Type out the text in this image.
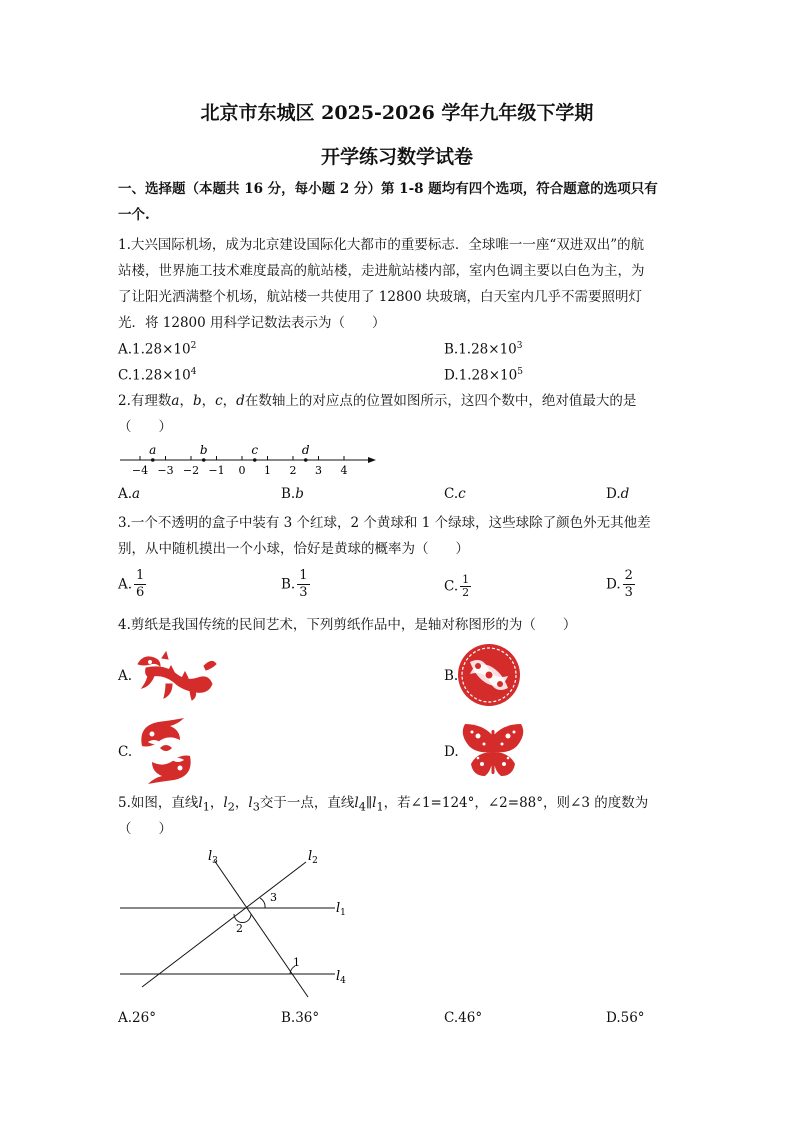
北京市东城区 2025-2026 学年九年级下学期
开学练习数学试卷
一、选择题（本题共 16 分，每小题 2 分）第 1-8 题均有四个选项，符合题意的选项只有
一个.
1.大兴国际机场，成为北京建设国际化大都市的重要标志．全球唯一一座“双进双出”的航
站楼，世界施工技术难度最高的航站楼，走进航站楼内部，室内色调主要以白色为主，为
了让阳光洒满整个机场，航站楼一共使用了 12800 块玻璃，白天室内几乎不需要照明灯
光．将 12800 用科学记数法表示为（　　）
$A.1.28\times 10^2$	$B.1.28\times 10^3$
$C.1.28\times 10^4$	$D.1.28\times 10^5$
2.有理数a，b，c，d在数轴上的对应点的位置如图所示，这四个数中，绝对值最大的是
（　　）
−4 −3 −2 −1 0 1 2 3 4
a	b	c	d
A.a	B.b	C.c	D.d
3.一个不透明的盒子中装有 3 个红球，2 个黄球和 1 个绿球，这些球除了颜色外无其他差
别，从中随机摸出一个小球，恰好是黄球的概率为（　　）
A. $\frac{1}{6}$	B. $\frac{1}{3}$	C. $\frac{1}{2}$	D. $\frac{2}{3}$
4.剪纸是我国传统的民间艺术，下列剪纸作品中，是轴对称图形的为（　　）
A.	B.
C.	D.
5.如图，直线$l_1$，$l_2$，$l_3$交于一点，直线$l_4\parallel l_1$，若∠1=124°，∠2=88°，则∠3 的度数为
（　　）
$l_3$	$l_2$
$l_1$
$l_4$
3
2
1
A.26°	B.36°	C.46°	D.56°
